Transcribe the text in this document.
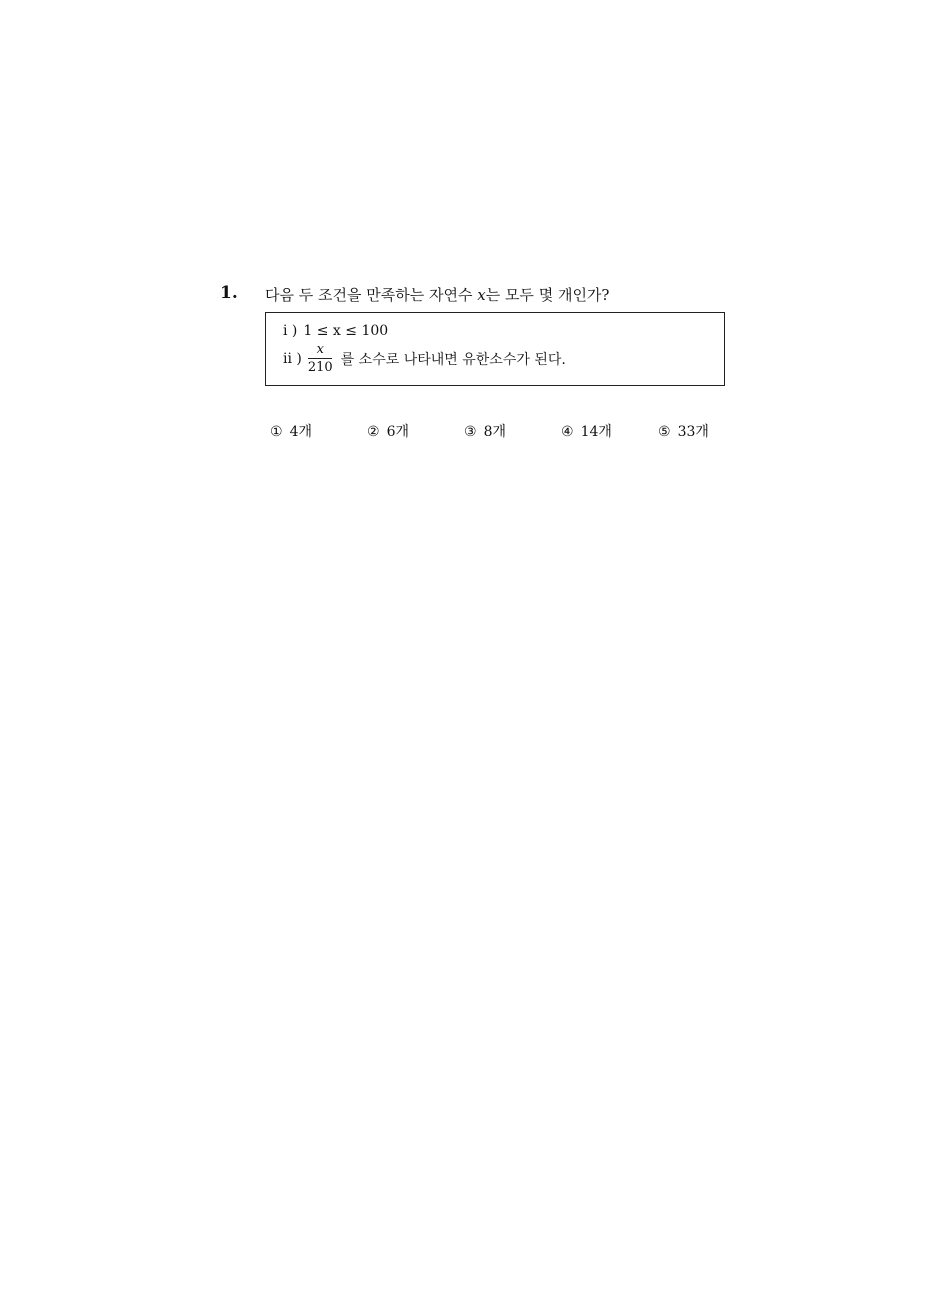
1. 다음 두 조건을 만족하는 자연수 x는 모두 몇 개인가?
i ) 1 ≤ x ≤ 100
ii ) $\frac{x}{210}$ 를 소수로 나타내면 유한소수가 된다.
① 4개	② 6개	③ 8개	④ 14개	⑤ 33개
